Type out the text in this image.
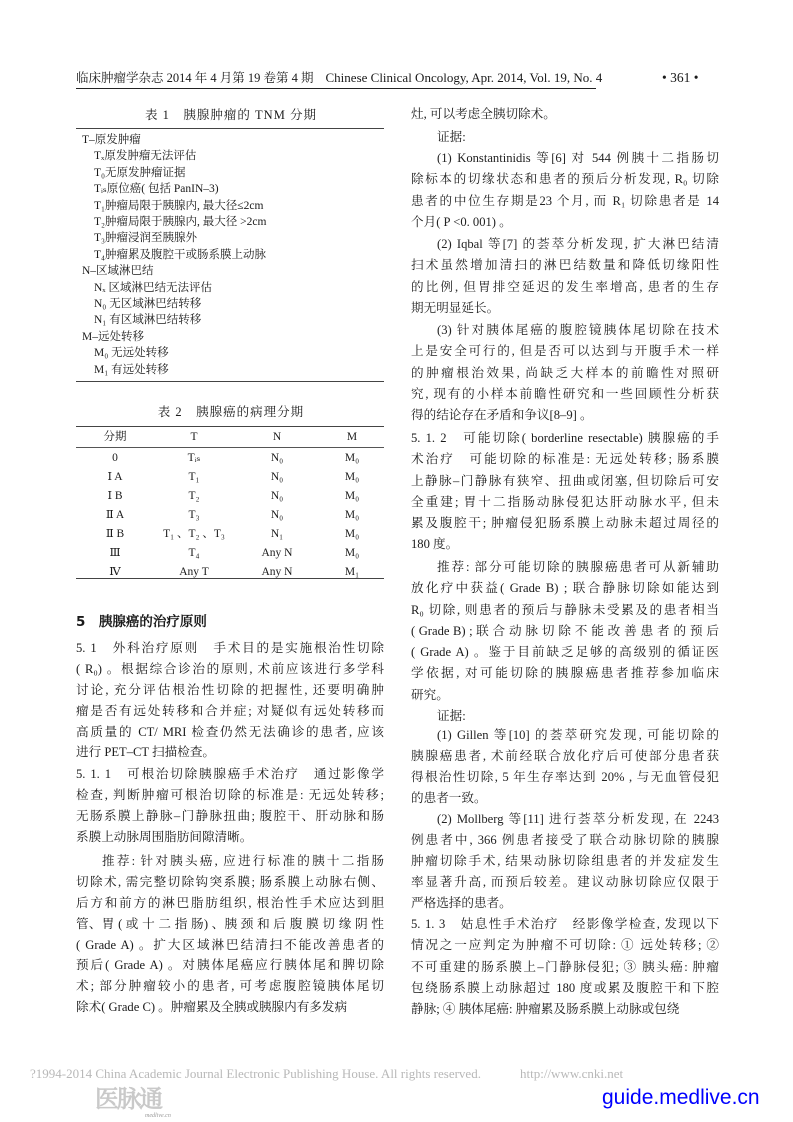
临床肿瘤学杂志 2014 年 4 月第 19 卷第 4 期 Chinese Clinical Oncology, Apr. 2014, Vol. 19, No. 4	• 361 •
表 1　胰腺肿瘤的 TNM 分期
T–原发肿瘤
Tₓ原发肿瘤无法评估
T₀无原发肿瘤证据
Tᵢₛ原位癌( 包括 PanIN–3)
T₁肿瘤局限于胰腺内, 最大径≤2cm
T₂肿瘤局限于胰腺内, 最大径 >2cm
T₃肿瘤浸润至胰腺外
T₄肿瘤累及腹腔干或肠系膜上动脉
N–区域淋巴结
Nₓ 区域淋巴结无法评估
N₀ 无区域淋巴结转移
N₁ 有区域淋巴结转移
M–远处转移
M₀ 无远处转移
M₁ 有远处转移
表 2　胰腺癌的病理分期
分期	T	N	M
0	Tᵢₛ	N₀	M₀
Ⅰ A	T₁	N₀	M₀
Ⅰ B	T₂	N₀	M₀
Ⅱ A	T₃	N₀	M₀
Ⅱ B	T₁ 、T₂ 、T₃	N₁	M₀
Ⅲ	T₄	Any N	M₀
Ⅳ	Any T	Any N	M₁
5　胰腺癌的治疗原则
5. 1　外科治疗原则　手术目的是实施根治性切除
( R₀) 。根据综合诊治的原则, 术前应该进行多学科
讨论, 充分评估根治性切除的把握性, 还要明确肿
瘤是否有远处转移和合并症; 对疑似有远处转移而
高质量的 CT/ MRI 检查仍然无法确诊的患者, 应该
进行 PET–CT 扫描检查。
5. 1. 1　可根治切除胰腺癌手术治疗　通过影像学
检查, 判断肿瘤可根治切除的标准是: 无远处转移;
无肠系膜上静脉–门静脉扭曲; 腹腔干、肝动脉和肠
系膜上动脉周围脂肪间隙清晰。
推荐: 针对胰头癌, 应进行标准的胰十二指肠
切除术, 需完整切除钩突系膜; 肠系膜上动脉右侧、
后方和前方的淋巴脂肪组织, 根治性手术应达到胆
管、胃 ( 或 十 二 指 肠) 、胰 颈 和 后 腹 膜 切 缘 阴 性
( Grade A) 。扩大区域淋巴结清扫不能改善患者的
预后( Grade A) 。对胰体尾癌应行胰体尾和脾切除
术; 部分肿瘤较小的患者, 可考虑腹腔镜胰体尾切
除术( Grade C) 。肿瘤累及全胰或胰腺内有多发病
灶, 可以考虑全胰切除术。
证据:
(1) Konstantinidis 等[6] 对 544 例胰十二指肠切
除标本的切缘状态和患者的预后分析发现, R₀ 切除
患者的中位生存期是23 个月, 而 R₁ 切除患者是 14
个月( P <0. 001) 。
(2) Iqbal 等[7] 的荟萃分析发现, 扩大淋巴结清
扫术虽然增加清扫的淋巴结数量和降低切缘阳性
的比例, 但胃排空延迟的发生率增高, 患者的生存
期无明显延长。
(3) 针对胰体尾癌的腹腔镜胰体尾切除在技术
上是安全可行的, 但是否可以达到与开腹手术一样
的肿瘤根治效果, 尚缺乏大样本的前瞻性对照研
究, 现有的小样本前瞻性研究和一些回顾性分析获
得的结论存在矛盾和争议[8–9] 。
5. 1. 2　可能切除( borderline resectable) 胰腺癌的手
术治疗　可能切除的标准是: 无远处转移; 肠系膜
上静脉–门静脉有狭窄、扭曲或闭塞, 但切除后可安
全重建; 胃十二指肠动脉侵犯达肝动脉水平, 但未
累及腹腔干; 肿瘤侵犯肠系膜上动脉未超过周径的
180 度。
推荐: 部分可能切除的胰腺癌患者可从新辅助
放化疗中获益( Grade B) ; 联合静脉切除如能达到
R₀ 切除, 则患者的预后与静脉未受累及的患者相当
( Grade B) ; 联 合 动 脉 切 除 不 能 改 善 患 者 的 预 后
( Grade A) 。鉴于目前缺乏足够的高级别的循证医
学依据, 对可能切除的胰腺癌患者推荐参加临床
研究。
证据:
(1) Gillen 等[10] 的荟萃研究发现, 可能切除的
胰腺癌患者, 术前经联合放化疗后可使部分患者获
得根治性切除, 5 年生存率达到 20% , 与无血管侵犯
的患者一致。
(2) Mollberg 等[11] 进行荟萃分析发现, 在 2243
例患者中, 366 例患者接受了联合动脉切除的胰腺
肿瘤切除手术, 结果动脉切除组患者的并发症发生
率显著升高, 而预后较差。建议动脉切除应仅限于
严格选择的患者。
5. 1. 3　姑息性手术治疗　经影像学检查, 发现以下
情况之一应判定为肿瘤不可切除: ① 远处转移; ②
不可重建的肠系膜上–门静脉侵犯; ③ 胰头癌: 肿瘤
包绕肠系膜上动脉超过 180 度或累及腹腔干和下腔
静脉; ④ 胰体尾癌: 肿瘤累及肠系膜上动脉或包绕
?1994-2014 China Academic Journal Electronic Publishing House. All rights reserved.	http://www.cnki.net
医脉通
medlive.cn
guide.medlive.cn
